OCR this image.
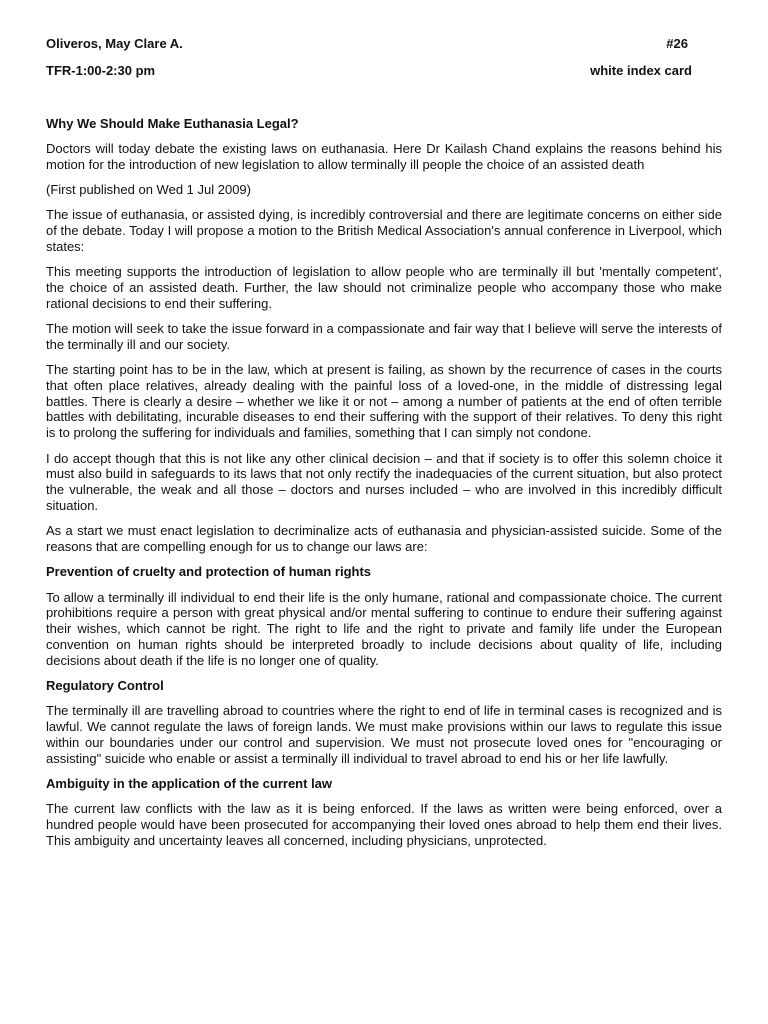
Oliveros, May Clare A.	#26
TFR-1:00-2:30 pm	white index card

Why We Should Make Euthanasia Legal?

Doctors will today debate the existing laws on euthanasia. Here Dr Kailash Chand explains the reasons behind his motion for the introduction of new legislation to allow terminally ill people the choice of an assisted death

(First published on Wed 1 Jul 2009)

The issue of euthanasia, or assisted dying, is incredibly controversial and there are legitimate concerns on either side of the debate. Today I will propose a motion to the British Medical Association's annual conference in Liverpool, which states:

This meeting supports the introduction of legislation to allow people who are terminally ill but 'mentally competent', the choice of an assisted death. Further, the law should not criminalize people who accompany those who make rational decisions to end their suffering.

The motion will seek to take the issue forward in a compassionate and fair way that I believe will serve the interests of the terminally ill and our society.

The starting point has to be in the law, which at present is failing, as shown by the recurrence of cases in the courts that often place relatives, already dealing with the painful loss of a loved-one, in the middle of distressing legal battles. There is clearly a desire – whether we like it or not – among a number of patients at the end of often terrible battles with debilitating, incurable diseases to end their suffering with the support of their relatives. To deny this right is to prolong the suffering for individuals and families, something that I can simply not condone.

I do accept though that this is not like any other clinical decision – and that if society is to offer this solemn choice it must also build in safeguards to its laws that not only rectify the inadequacies of the current situation, but also protect the vulnerable, the weak and all those – doctors and nurses included – who are involved in this incredibly difficult situation.

As a start we must enact legislation to decriminalize acts of euthanasia and physician-assisted suicide. Some of the reasons that are compelling enough for us to change our laws are:

Prevention of cruelty and protection of human rights

To allow a terminally ill individual to end their life is the only humane, rational and compassionate choice. The current prohibitions require a person with great physical and/or mental suffering to continue to endure their suffering against their wishes, which cannot be right. The right to life and the right to private and family life under the European convention on human rights should be interpreted broadly to include decisions about quality of life, including decisions about death if the life is no longer one of quality.

Regulatory Control

The terminally ill are travelling abroad to countries where the right to end of life in terminal cases is recognized and is lawful. We cannot regulate the laws of foreign lands. We must make provisions within our laws to regulate this issue within our boundaries under our control and supervision. We must not prosecute loved ones for "encouraging or assisting" suicide who enable or assist a terminally ill individual to travel abroad to end his or her life lawfully.

Ambiguity in the application of the current law

The current law conflicts with the law as it is being enforced. If the laws as written were being enforced, over a hundred people would have been prosecuted for accompanying their loved ones abroad to help them end their lives. This ambiguity and uncertainty leaves all concerned, including physicians, unprotected.
